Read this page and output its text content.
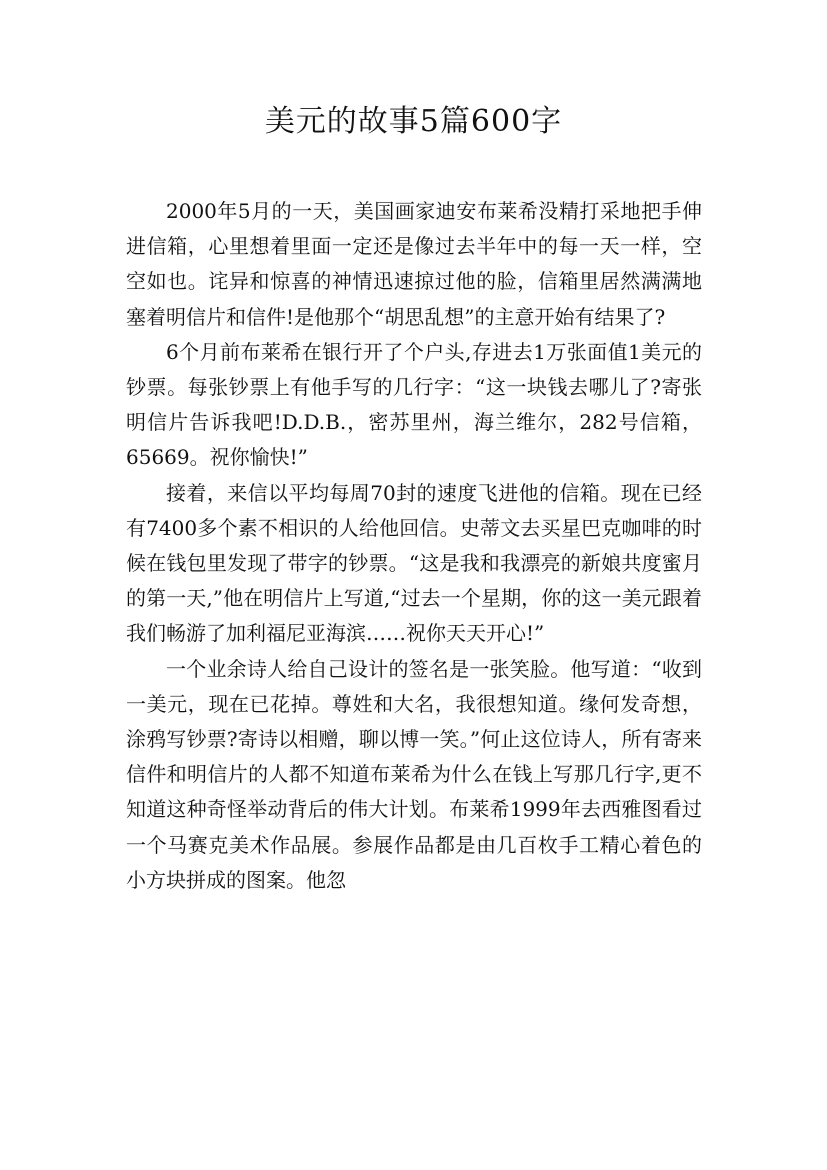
美元的故事5篇600字

2000年5月的一天，美国画家迪安布莱希没精打采地把手伸进信箱，心里想着里面一定还是像过去半年中的每一天一样，空空如也。诧异和惊喜的神情迅速掠过他的脸，信箱里居然满满地塞着明信片和信件!是他那个“胡思乱想”的主意开始有结果了?

6个月前布莱希在银行开了个户头,存进去1万张面值1美元的钞票。每张钞票上有他手写的几行字：“这一块钱去哪儿了?寄张明信片告诉我吧!D.D.B.，密苏里州，海兰维尔，282号信箱，65669。祝你愉快!”

接着，来信以平均每周70封的速度飞进他的信箱。现在已经有7400多个素不相识的人给他回信。史蒂文去买星巴克咖啡的时候在钱包里发现了带字的钞票。“这是我和我漂亮的新娘共度蜜月的第一天,”他在明信片上写道,“过去一个星期，你的这一美元跟着我们畅游了加利福尼亚海滨……祝你天天开心!”

一个业余诗人给自己设计的签名是一张笑脸。他写道：“收到一美元，现在已花掉。尊姓和大名，我很想知道。缘何发奇想，涂鸦写钞票?寄诗以相赠，聊以博一笑。”何止这位诗人，所有寄来信件和明信片的人都不知道布莱希为什么在钱上写那几行字,更不知道这种奇怪举动背后的伟大计划。布莱希1999年去西雅图看过一个马赛克美术作品展。参展作品都是由几百枚手工精心着色的小方块拼成的图案。他忽
